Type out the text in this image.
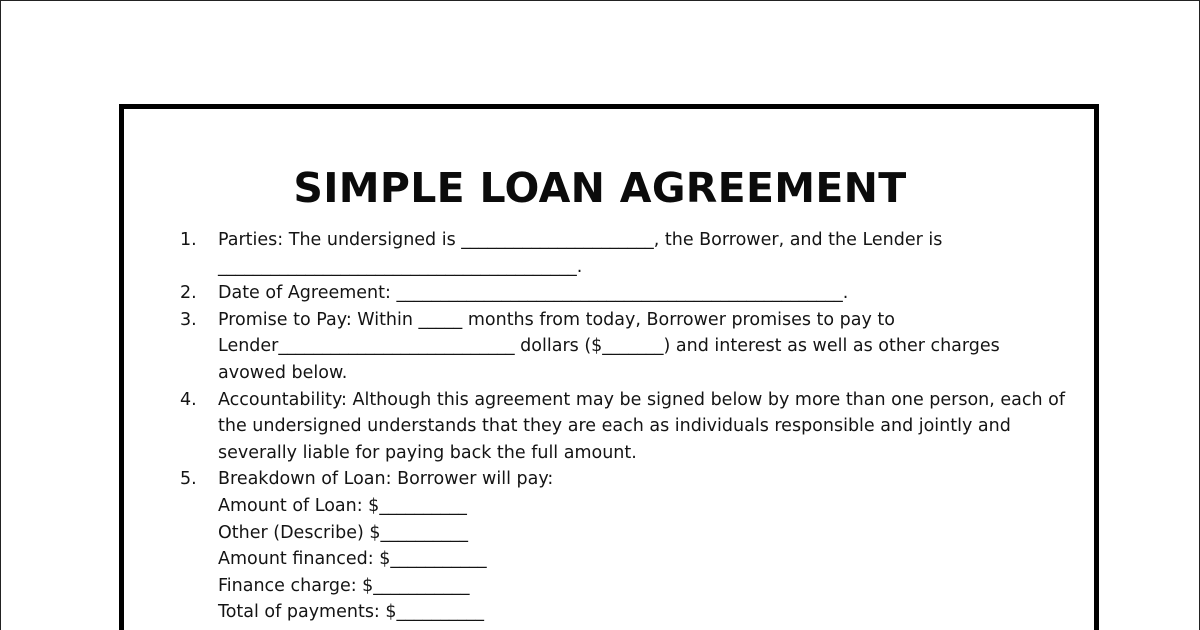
SIMPLE LOAN AGREEMENT
1. Parties: The undersigned is ______________________, the Borrower, and the Lender is
_________________________________________.
2. Date of Agreement: ___________________________________________________.
3. Promise to Pay: Within _____ months from today, Borrower promises to pay to
Lender___________________________ dollars ($_______) and interest as well as other charges
avowed below.
4. Accountability: Although this agreement may be signed below by more than one person, each of
the undersigned understands that they are each as individuals responsible and jointly and
severally liable for paying back the full amount.
5. Breakdown of Loan: Borrower will pay:
Amount of Loan: $__________
Other (Describe) $__________
Amount financed: $___________
Finance charge: $___________
Total of payments: $__________
